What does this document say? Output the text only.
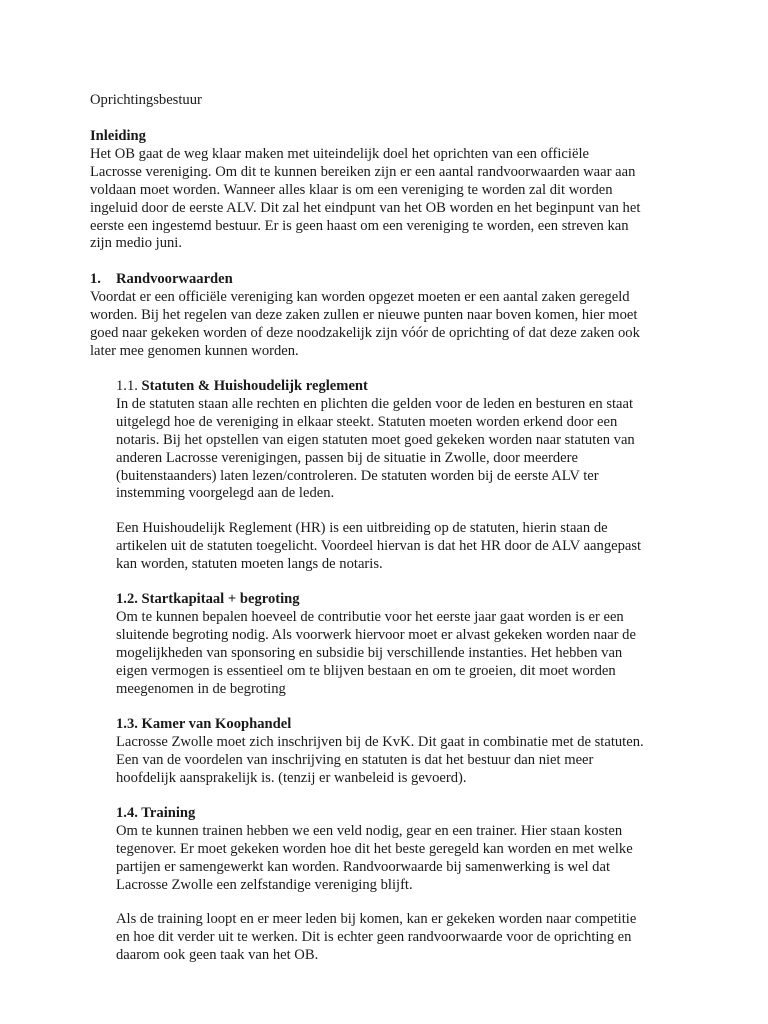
Oprichtingsbestuur

Inleiding

Het OB gaat de weg klaar maken met uiteindelijk doel het oprichten van een officiële

Lacrosse vereniging. Om dit te kunnen bereiken zijn er een aantal randvoorwaarden waar aan

voldaan moet worden. Wanneer alles klaar is om een vereniging te worden zal dit worden

ingeluid door de eerste ALV. Dit zal het eindpunt van het OB worden en het beginpunt van het

eerste een ingestemd bestuur. Er is geen haast om een vereniging te worden, een streven kan

zijn medio juni.

1. Randvoorwaarden

Voordat er een officiële vereniging kan worden opgezet moeten er een aantal zaken geregeld

worden. Bij het regelen van deze zaken zullen er nieuwe punten naar boven komen, hier moet

goed naar gekeken worden of deze noodzakelijk zijn vóór de oprichting of dat deze zaken ook

later mee genomen kunnen worden.

1.1. Statuten & Huishoudelijk reglement

In de statuten staan alle rechten en plichten die gelden voor de leden en besturen en staat

uitgelegd hoe de vereniging in elkaar steekt. Statuten moeten worden erkend door een

notaris. Bij het opstellen van eigen statuten moet goed gekeken worden naar statuten van

anderen Lacrosse verenigingen, passen bij de situatie in Zwolle, door meerdere

(buitenstaanders) laten lezen/controleren. De statuten worden bij de eerste ALV ter

instemming voorgelegd aan de leden.

Een Huishoudelijk Reglement (HR) is een uitbreiding op de statuten, hierin staan de

artikelen uit de statuten toegelicht. Voordeel hiervan is dat het HR door de ALV aangepast

kan worden, statuten moeten langs de notaris.

1.2. Startkapitaal + begroting

Om te kunnen bepalen hoeveel de contributie voor het eerste jaar gaat worden is er een

sluitende begroting nodig. Als voorwerk hiervoor moet er alvast gekeken worden naar de

mogelijkheden van sponsoring en subsidie bij verschillende instanties. Het hebben van

eigen vermogen is essentieel om te blijven bestaan en om te groeien, dit moet worden

meegenomen in de begroting

1.3. Kamer van Koophandel

Lacrosse Zwolle moet zich inschrijven bij de KvK. Dit gaat in combinatie met de statuten.

Een van de voordelen van inschrijving en statuten is dat het bestuur dan niet meer

hoofdelijk aansprakelijk is. (tenzij er wanbeleid is gevoerd).

1.4. Training

Om te kunnen trainen hebben we een veld nodig, gear en een trainer. Hier staan kosten

tegenover. Er moet gekeken worden hoe dit het beste geregeld kan worden en met welke

partijen er samengewerkt kan worden. Randvoorwaarde bij samenwerking is wel dat

Lacrosse Zwolle een zelfstandige vereniging blijft.

Als de training loopt en er meer leden bij komen, kan er gekeken worden naar competitie

en hoe dit verder uit te werken. Dit is echter geen randvoorwaarde voor de oprichting en

daarom ook geen taak van het OB.
